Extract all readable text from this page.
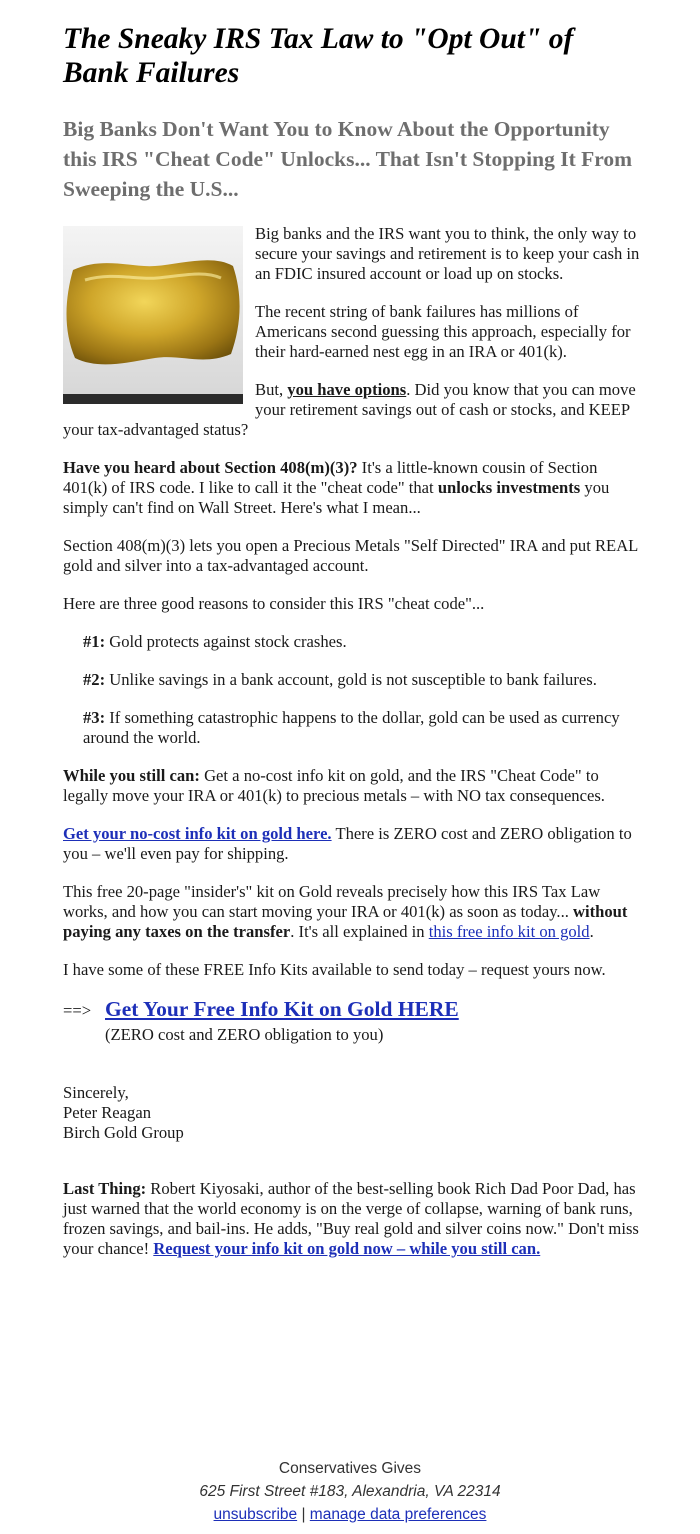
The Sneaky IRS Tax Law to "Opt Out" of Bank Failures
Big Banks Don't Want You to Know About the Opportunity this IRS "Cheat Code" Unlocks... That Isn't Stopping It From Sweeping the U.S...

Big banks and the IRS want you to think, the only way to secure your savings and retirement is to keep your cash in an FDIC insured account or load up on stocks.

The recent string of bank failures has millions of Americans second guessing this approach, especially for their hard-earned nest egg in an IRA or 401(k).

But, you have options. Did you know that you can move your retirement savings out of cash or stocks, and KEEP your tax-advantaged status?

Have you heard about Section 408(m)(3)? It's a little-known cousin of Section 401(k) of IRS code. I like to call it the "cheat code" that unlocks investments you simply can't find on Wall Street. Here's what I mean...

Section 408(m)(3) lets you open a Precious Metals "Self Directed" IRA and put REAL gold and silver into a tax-advantaged account.

Here are three good reasons to consider this IRS "cheat code"...

#1: Gold protects against stock crashes.

#2: Unlike savings in a bank account, gold is not susceptible to bank failures.

#3: If something catastrophic happens to the dollar, gold can be used as currency around the world.

While you still can: Get a no-cost info kit on gold, and the IRS "Cheat Code" to legally move your IRA or 401(k) to precious metals – with NO tax consequences.

Get your no-cost info kit on gold here. There is ZERO cost and ZERO obligation to you – we'll even pay for shipping.

This free 20-page "insider's" kit on Gold reveals precisely how this IRS Tax Law works, and how you can start moving your IRA or 401(k) as soon as today... without paying any taxes on the transfer. It's all explained in this free info kit on gold.

I have some of these FREE Info Kits available to send today – request yours now.

==> Get Your Free Info Kit on Gold HERE

(ZERO cost and ZERO obligation to you)

Sincerely,

Peter Reagan

Birch Gold Group

Last Thing: Robert Kiyosaki, author of the best-selling book Rich Dad Poor Dad, has just warned that the world economy is on the verge of collapse, warning of bank runs, frozen savings, and bail-ins. He adds, "Buy real gold and silver coins now." Don't miss your chance! Request your info kit on gold now – while you still can.

Conservatives Gives
625 First Street #183, Alexandria, VA 22314
unsubscribe | manage data preferences
